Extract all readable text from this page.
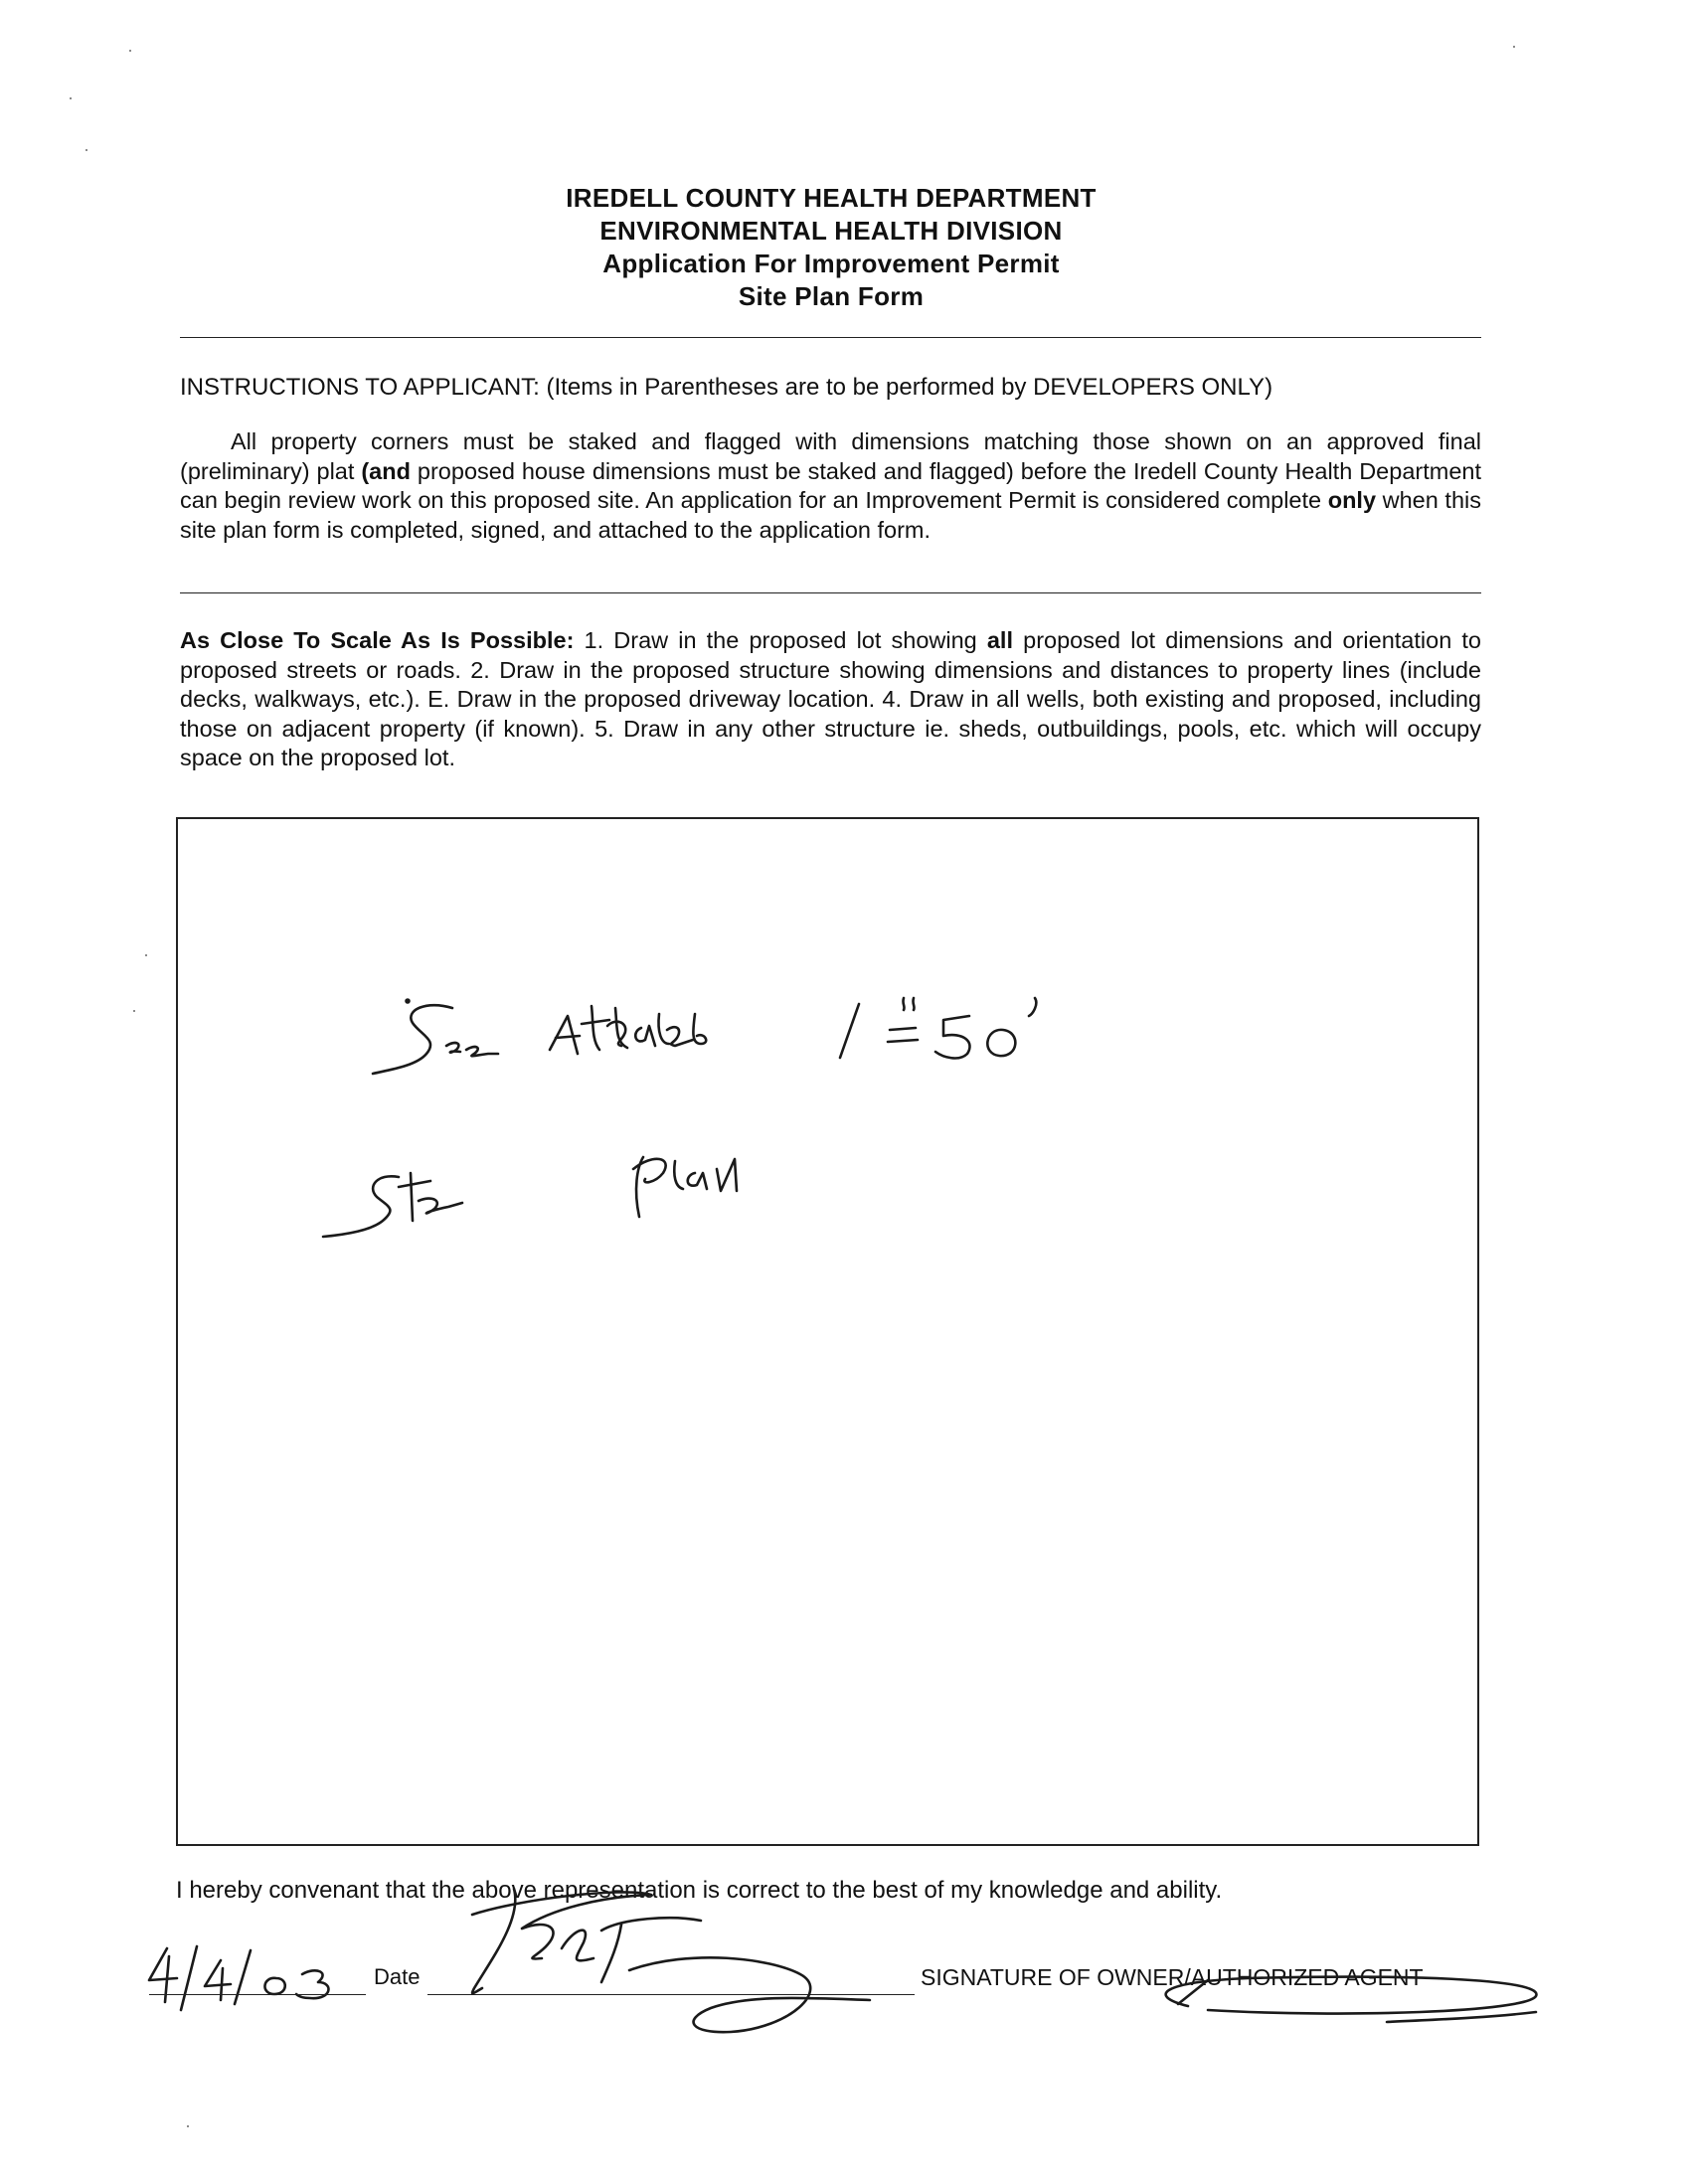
IREDELL COUNTY HEALTH DEPARTMENT
ENVIRONMENTAL HEALTH DIVISION
Application For Improvement Permit
Site Plan Form
INSTRUCTIONS TO APPLICANT: (Items in Parentheses are to be performed by DEVELOPERS ONLY)
All property corners must be staked and flagged with dimensions matching those shown on an approved final (preliminary) plat (and proposed house dimensions must be staked and flagged) before the Iredell County Health Department can begin review work on this proposed site. An application for an Improvement Permit is considered complete only when this site plan form is completed, signed, and attached to the application form.
As Close To Scale As Is Possible: 1. Draw in the proposed lot showing all proposed lot dimensions and orientation to proposed streets or roads. 2. Draw in the proposed structure showing dimensions and distances to property lines (include decks, walkways, etc.). E. Draw in the proposed driveway location. 4. Draw in all wells, both existing and proposed, including those on adjacent property (if known). 5. Draw in any other structure ie. sheds, outbuildings, pools, etc. which will occupy space on the proposed lot.
I hereby convenant that the above representation is correct to the best of my knowledge and ability.
Date	SIGNATURE OF OWNER/AUTHORIZED AGENT
